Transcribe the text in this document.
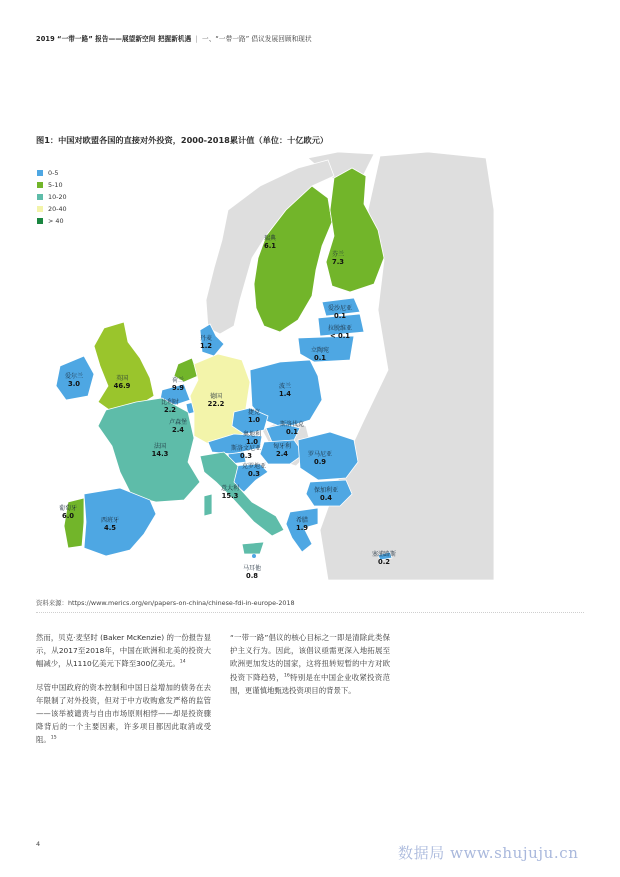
2019 “一带一路” 报告——展望新空间 把握新机遇 | 一、“一带一路” 倡议发展回顾和现状
图1：中国对欧盟各国的直接对外投资，2000-2018累计值（单位：十亿欧元）
瑞典
6.1
芬兰
7.3
爱沙尼亚
0.1
拉脱维亚
< 0.1
立陶宛
0.1
丹麦
1.2
爱尔兰
3.0
英国
46.9
荷兰
9.9
比利时
2.2
卢森堡
2.4
德国
22.2
波兰
1.4
捷克
1.0
斯洛伐克
0.1
奥地利
1.0
匈牙利
2.4
斯洛文尼亚
0.3
克罗地亚
0.3
罗马尼亚
0.9
保加利亚
0.4
法国
14.3
意大利
15.3
葡萄牙
6.0
西班牙
4.5
希腊
1.9
马耳他
0.8
塞浦路斯
0.2
0-5
5-10
10-20
20-40
> 40
资料来源：https://www.merics.org/en/papers-on-china/chinese-fdi-in-europe-2018

然而，贝克·麦坚时 (Baker McKenzie) 的一份报告显示，从2017至2018年，中国在欧洲和北美的投资大幅减少，从1110亿美元下降至300亿美元。$^{14}$

尽管中国政府的资本控制和中国日益增加的债务在去年限制了对外投资，但对于中方收购愈发严格的监管——该举被谴责与自由市场原则相悖——却是投资骤降背后的一个主要因素，许多项目都因此取消或受阻。$^{15}$

“一带一路”倡议的核心目标之一即是清除此类保护主义行为。因此，该倡议亟需更深入地拓展至欧洲更加发达的国家，这将扭转短暂的中方对欧投资下降趋势，$^{16}$特别是在中国企业收紧投资范围，更谨慎地甄选投资项目的背景下。

4	数据局 www.shujuju.cn
